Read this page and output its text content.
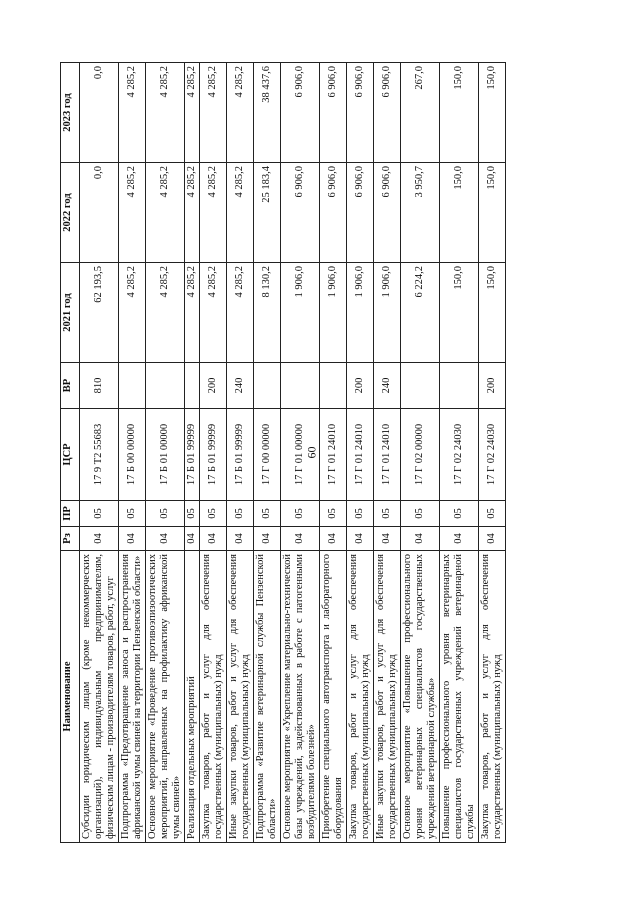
60
Наименование	Рз	ПР	ЦСР	ВР	2021 год	2022 год	2023 год
Субсидии юридическим лицам (кроме некоммерческих организаций), индивидуальным предпринимателям, физическим лицам - производителям товаров, работ, услуг	04	05	17 9 Т2 55683	810	62 193,5	0,0	0,0
Подпрограмма «Предотвращение заноса и распространения африканской чумы свиней на территории Пензенской области»	04	05	17 Б 00 00000		4 285,2	4 285,2	4 285,2
Основное мероприятие «Проведение противоэпизоотических мероприятий, направленных на профилактику африканской чумы свиней»	04	05	17 Б 01 00000		4 285,2	4 285,2	4 285,2
Реализация отдельных мероприятий	04	05	17 Б 01 99999		4 285,2	4 285,2	4 285,2
Закупка товаров, работ и услуг для обеспечения государственных (муниципальных) нужд	04	05	17 Б 01 99999	200	4 285,2	4 285,2	4 285,2
Иные закупки товаров, работ и услуг для обеспечения государственных (муниципальных) нужд	04	05	17 Б 01 99999	240	4 285,2	4 285,2	4 285,2
Подпрограмма «Развитие ветеринарной службы Пензенской области»	04	05	17 Г 00 00000		8 130,2	25 183,4	38 437,6
Основное мероприятие «Укрепление материально-технической базы учреждений, задействованных в работе с патогенными возбудителями болезней»	04	05	17 Г 01 00000		1 906,0	6 906,0	6 906,0
Приобретение специального автотранспорта и лабораторного оборудования	04	05	17 Г 01 24010		1 906,0	6 906,0	6 906,0
Закупка товаров, работ и услуг для обеспечения государственных (муниципальных) нужд	04	05	17 Г 01 24010	200	1 906,0	6 906,0	6 906,0
Иные закупки товаров, работ и услуг для обеспечения государственных (муниципальных) нужд	04	05	17 Г 01 24010	240	1 906,0	6 906,0	6 906,0
Основное мероприятие «Повышение профессионального уровня ветеринарных специалистов государственных учреждений ветеринарной службы»	04	05	17 Г 02 00000		6 224,2	3 950,7	267,0
Повышение профессионального уровня ветеринарных специалистов государственных учреждений ветеринарной службы	04	05	17 Г 02 24030		150,0	150,0	150,0
Закупка товаров, работ и услуг для обеспечения государственных (муниципальных) нужд	04	05	17 Г 02 24030	200	150,0	150,0	150,0
